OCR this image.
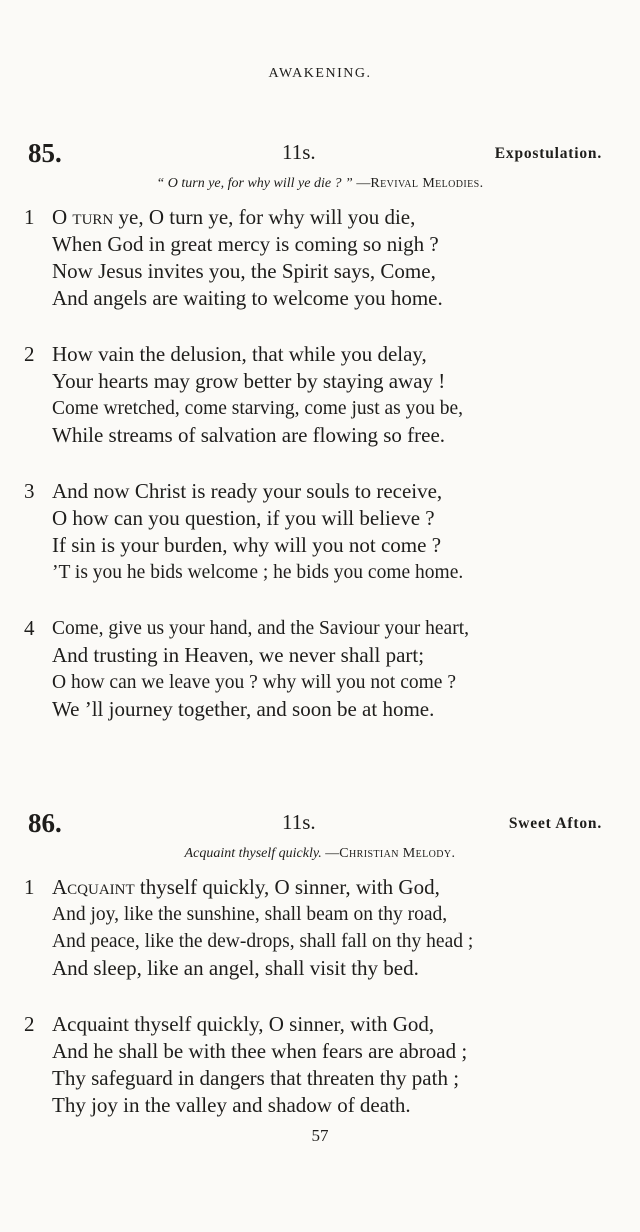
AWAKENING.
85.	11s.	Expostulation.
“ O turn ye, for why will ye die ? ” —Revival Melodies.
1 O turn ye, O turn ye, for why will you die,
When God in great mercy is coming so nigh ?
Now Jesus invites you, the Spirit says, Come,
And angels are waiting to welcome you home.
2 How vain the delusion, that while you delay,
Your hearts may grow better by staying away !
Come wretched, come starving, come just as you be,
While streams of salvation are flowing so free.
3 And now Christ is ready your souls to receive,
O how can you question, if you will believe ?
If sin is your burden, why will you not come ?
’T is you he bids welcome ; he bids you come home.
4 Come, give us your hand, and the Saviour your heart,
And trusting in Heaven, we never shall part;
O how can we leave you ? why will you not come ?
We ’ll journey together, and soon be at home.
86.	11s.	Sweet Afton.
Acquaint thyself quickly. —Christian Melody.
1 Acquaint thyself quickly, O sinner, with God,
And joy, like the sunshine, shall beam on thy road,
And peace, like the dew-drops, shall fall on thy head ;
And sleep, like an angel, shall visit thy bed.
2 Acquaint thyself quickly, O sinner, with God,
And he shall be with thee when fears are abroad ;
Thy safeguard in dangers that threaten thy path ;
Thy joy in the valley and shadow of death.
57
